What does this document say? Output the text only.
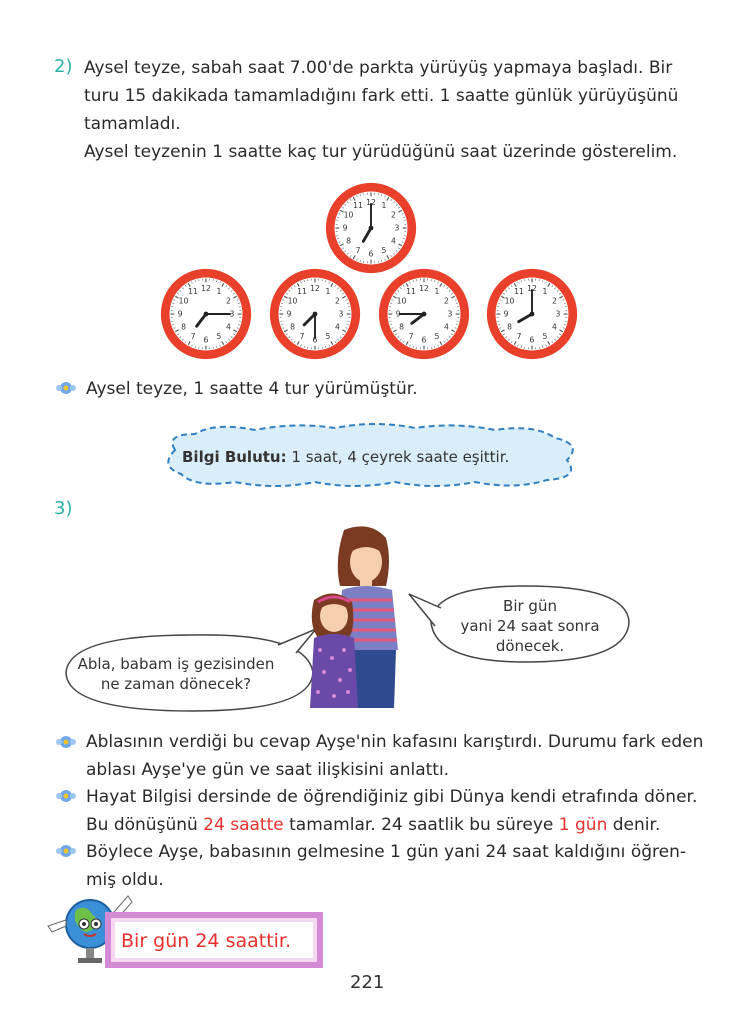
2) Aysel teyze, sabah saat 7.00'de parkta yürüyüş yapmaya başladı. Bir
turu 15 dakikada tamamladığını fark etti. 1 saatte günlük yürüyüşünü
tamamladı.
Aysel teyzenin 1 saatte kaç tur yürüdüğünü saat üzerinde gösterelim.
12 1
2
3
4
5
6
7
8
9
10
11
12 1
2
3
4
5
6
7
8
9
10
11	12 1
2
3
4
5
6
7
8
9
10
11	12 1
2
3
4
5
6
7
8
9
10
11	12 1
2
3
4
5
6
7
8
9
10
11
Aysel teyze, 1 saatte 4 tur yürümüştür.
Bilgi Bulutu: 1 saat, 4 çeyrek saate eşittir.
3)
Abla, babam iş gezisinden
ne zaman dönecek?
Bir gün
yani 24 saat sonra
dönecek.
Ablasının verdiği bu cevap Ayşe'nin kafasını karıştırdı. Durumu fark eden
ablası Ayşe'ye gün ve saat ilişkisini anlattı.
Hayat Bilgisi dersinde de öğrendiğiniz gibi Dünya kendi etrafında döner.
Bu dönüşünü 24 saatte tamamlar. 24 saatlik bu süreye 1 gün denir.
Böylece Ayşe, babasının gelmesine 1 gün yani 24 saat kaldığını öğren-
miş oldu.
Bir gün 24 saattir.
221
